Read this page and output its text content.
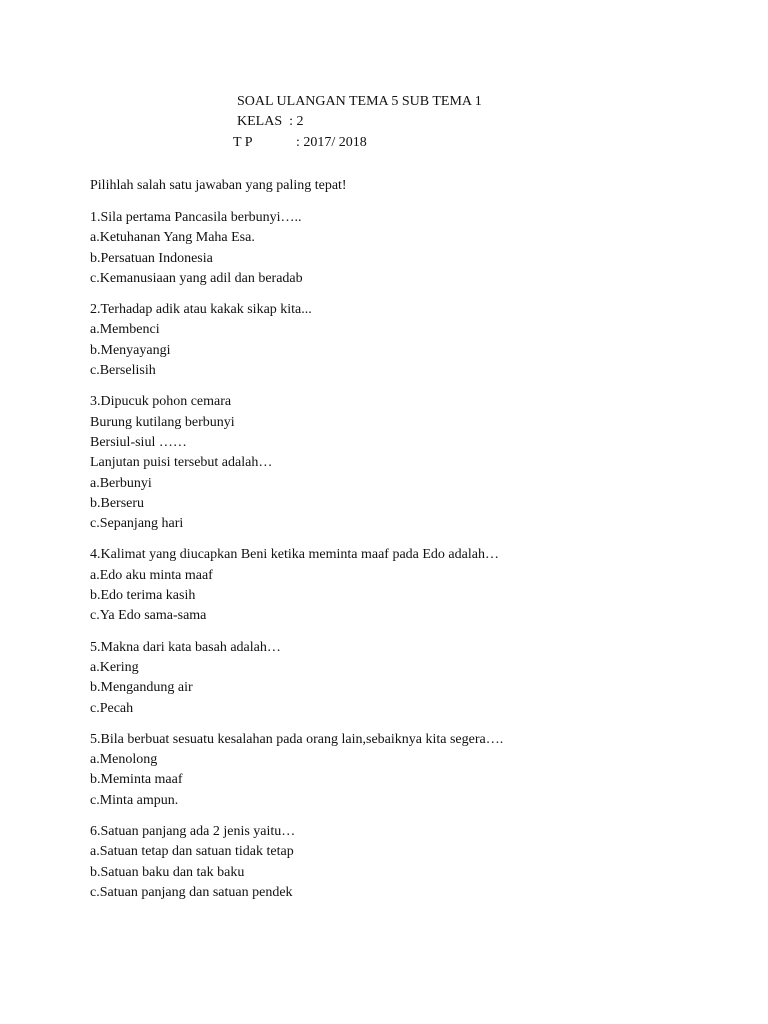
SOAL ULANGAN TEMA 5 SUB TEMA 1
KELAS  : 2
T P	: 2017/ 2018
Pilihlah salah satu jawaban yang paling tepat!
1.Sila pertama Pancasila berbunyi…..
a.Ketuhanan Yang Maha Esa.
b.Persatuan Indonesia
c.Kemanusiaan yang adil dan beradab
2.Terhadap adik atau kakak sikap kita...
a.Membenci
b.Menyayangi
c.Berselisih
3.Dipucuk pohon cemara
Burung kutilang berbunyi
Bersiul-siul ……
Lanjutan puisi tersebut adalah…
a.Berbunyi
b.Berseru
c.Sepanjang hari
4.Kalimat yang diucapkan Beni ketika meminta maaf pada Edo adalah…
a.Edo aku minta maaf
b.Edo terima kasih
c.Ya Edo sama-sama
5.Makna dari kata basah adalah…
a.Kering
b.Mengandung air
c.Pecah
5.Bila berbuat sesuatu kesalahan pada orang lain,sebaiknya kita segera….
a.Menolong
b.Meminta maaf
c.Minta ampun.
6.Satuan panjang ada 2 jenis yaitu…
a.Satuan tetap dan satuan tidak tetap
b.Satuan baku dan tak baku
c.Satuan panjang dan satuan pendek
